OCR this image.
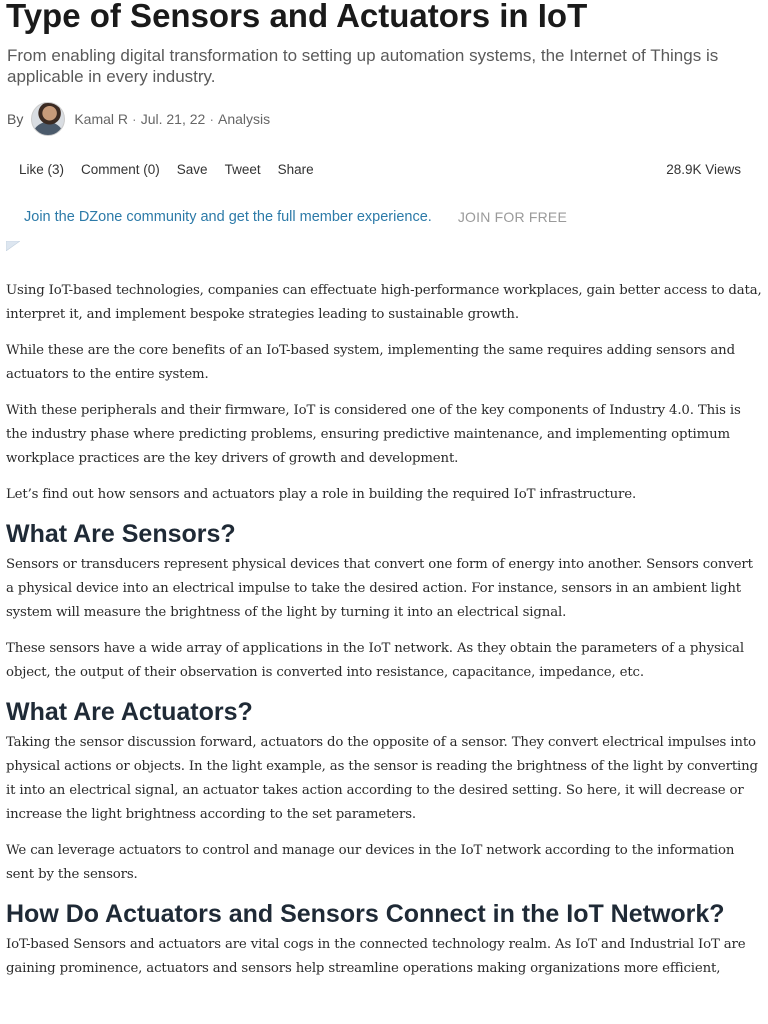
Type of Sensors and Actuators in IoT

From enabling digital transformation to setting up automation systems, the Internet of Things is applicable in every industry.

By	Kamal R · Jul. 21, 22 · Analysis
Like (3) Comment (0) Save Tweet Share	28.9K Views
Join the DZone community and get the full member experience. JOIN FOR FREE

Using IoT-based technologies, companies can effectuate high-performance workplaces, gain better access to data, interpret it, and implement bespoke strategies leading to sustainable growth.

While these are the core benefits of an IoT-based system, implementing the same requires adding sensors and actuators to the entire system.

With these peripherals and their firmware, IoT is considered one of the key components of Industry 4.0. This is the industry phase where predicting problems, ensuring predictive maintenance, and implementing optimum workplace practices are the key drivers of growth and development.

Let’s find out how sensors and actuators play a role in building the required IoT infrastructure.

What Are Sensors?

Sensors or transducers represent physical devices that convert one form of energy into another. Sensors convert a physical device into an electrical impulse to take the desired action. For instance, sensors in an ambient light system will measure the brightness of the light by turning it into an electrical signal.

These sensors have a wide array of applications in the IoT network. As they obtain the parameters of a physical object, the output of their observation is converted into resistance, capacitance, impedance, etc.

What Are Actuators?

Taking the sensor discussion forward, actuators do the opposite of a sensor. They convert electrical impulses into physical actions or objects. In the light example, as the sensor is reading the brightness of the light by converting it into an electrical signal, an actuator takes action according to the desired setting. So here, it will decrease or increase the light brightness according to the set parameters.

We can leverage actuators to control and manage our devices in the IoT network according to the information sent by the sensors.

How Do Actuators and Sensors Connect in the IoT Network?

IoT-based Sensors and actuators are vital cogs in the connected technology realm. As IoT and Industrial IoT are gaining prominence, actuators and sensors help streamline operations making organizations more efficient,
